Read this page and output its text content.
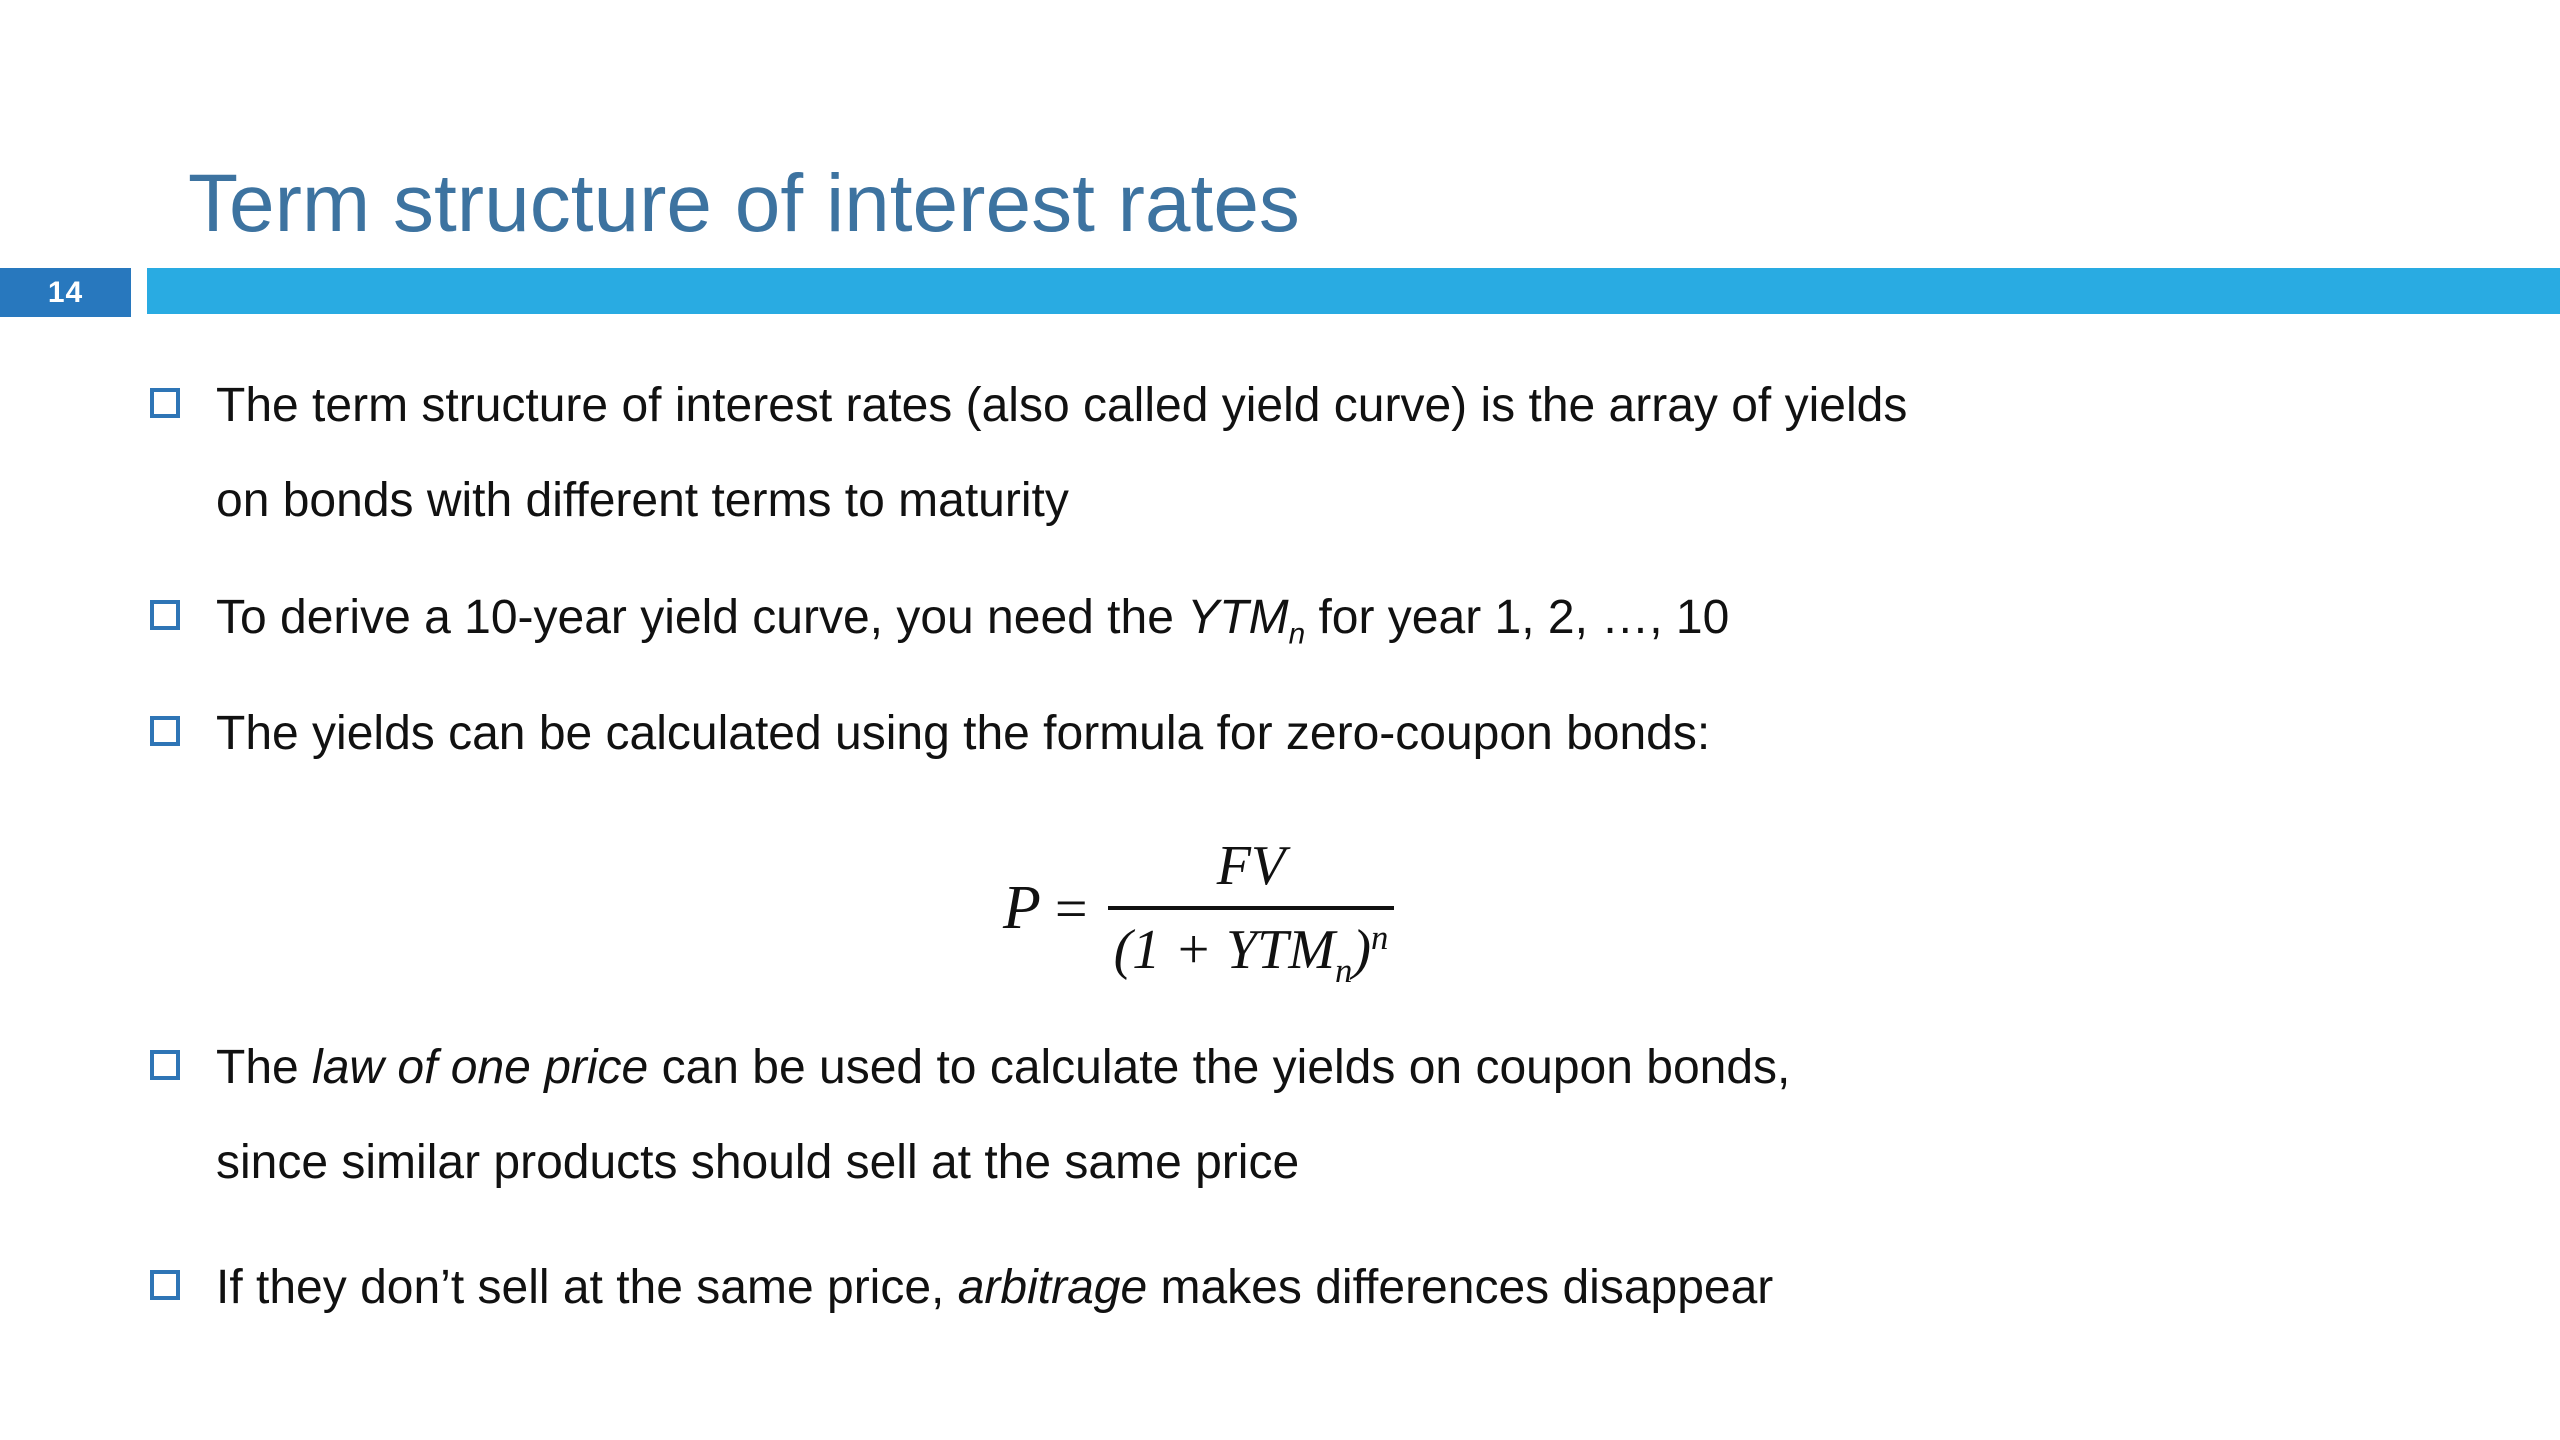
Term structure of interest rates
14
The term structure of interest rates (also called yield curve) is the array of yields
on bonds with different terms to maturity
To derive a 10-year yield curve, you need the $YTM_n$ for year 1, 2, …, 10
The yields can be calculated using the formula for zero-coupon bonds:
$P = \frac{FV}{(1 + YTM_n)^n}$
The law of one price can be used to calculate the yields on coupon bonds,
since similar products should sell at the same price
If they don’t sell at the same price, arbitrage makes differences disappear
